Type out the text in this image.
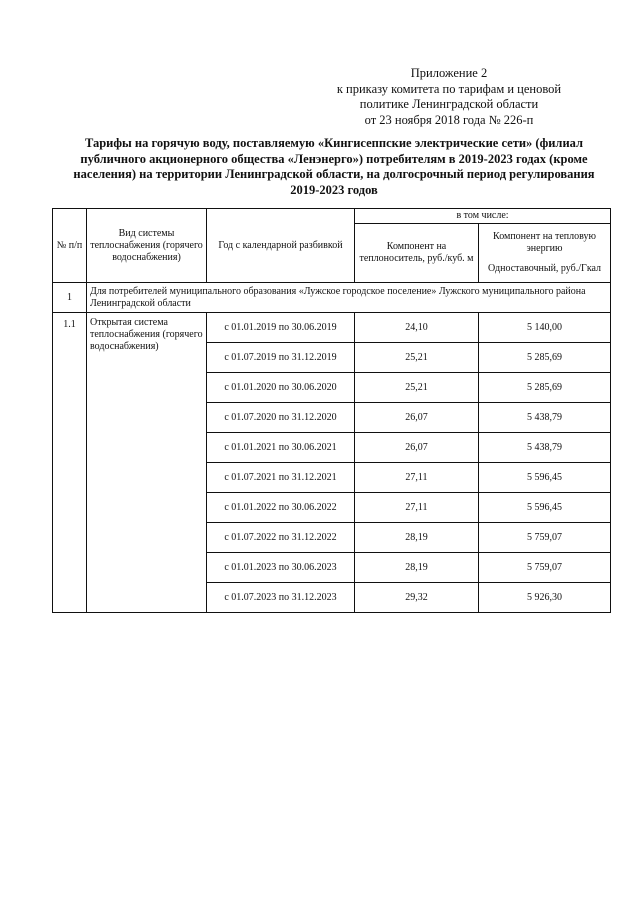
Приложение 2
к приказу комитета по тарифам и ценовой
политике Ленинградской области
от 23 ноября 2018 года № 226-п
Тарифы на горячую воду, поставляемую «Кингисеппские электрические сети» (филиал публичного акционерного общества «Ленэнерго») потребителям в 2019-2023 годах (кроме населения) на территории Ленинградской области, на долгосрочный период регулирования 2019-2023 годов
№ п/п	Вид системы теплоснабжения (горячего водоснабжения)	Год с календарной разбивкой	в том числе:	
			Компонент на теплоноситель, руб./куб. м	Компонент на тепловую энергию
Одноставочный, руб./Гкал
1	Для потребителей муниципального образования «Лужское городское поселение» Лужского муниципального района Ленинградской области			

1.1	Открытая система теплоснабжения (горячего водоснабжения)	с 01.01.2019 по 30.06.2019	24,10	5 140,00
		с 01.07.2019 по 31.12.2019	25,21	5 285,69
		с 01.01.2020 по 30.06.2020	25,21	5 285,69
		с 01.07.2020 по 31.12.2020	26,07	5 438,79
		с 01.01.2021 по 30.06.2021	26,07	5 438,79
		с 01.07.2021 по 31.12.2021	27,11	5 596,45
		с 01.01.2022 по 30.06.2022	27,11	5 596,45
		с 01.07.2022 по 31.12.2022	28,19	5 759,07
		с 01.01.2023 по 30.06.2023	28,19	5 759,07
		с 01.07.2023 по 31.12.2023	29,32	5 926,30
